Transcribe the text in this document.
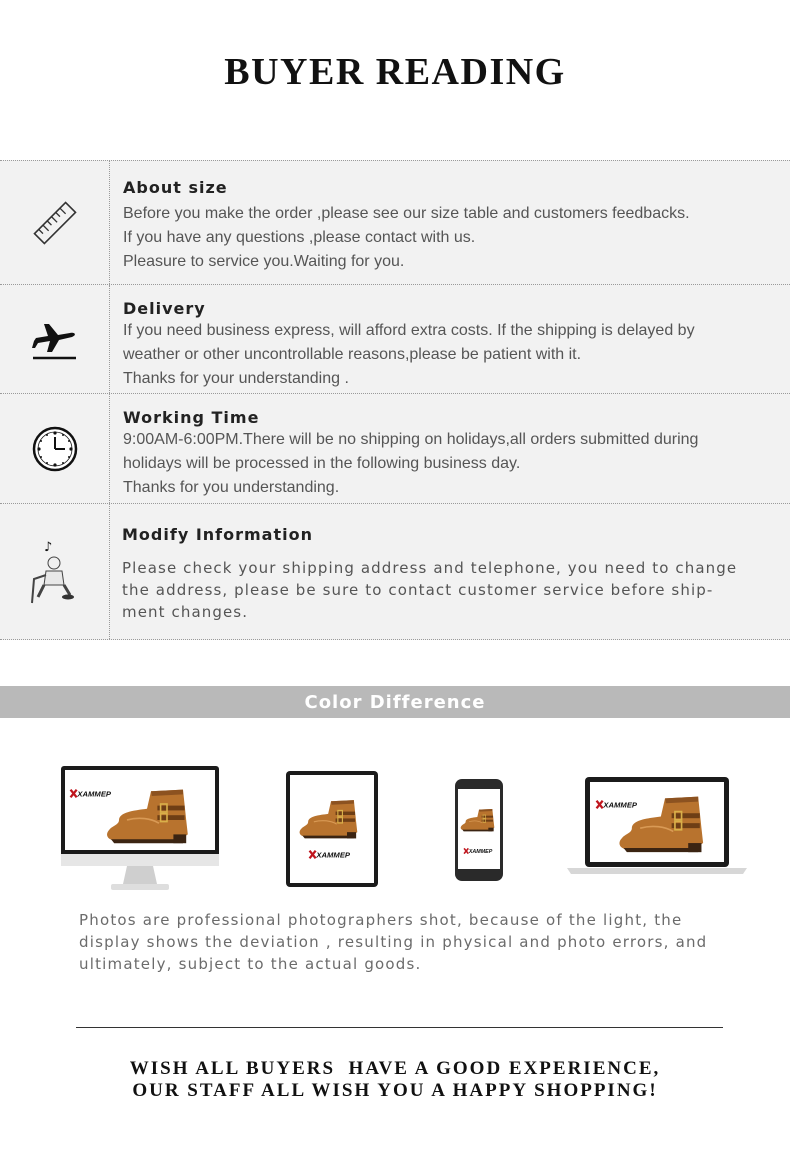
BUYER READING
About size
Before you make the order ,please see our size table and customers feedbacks.
If you have any questions ,please contact with us.
Pleasure to service you.Waiting for you.
Delivery
If you need business express, will afford extra costs. If the shipping is delayed by
weather or other uncontrollable reasons,please be patient with it.
Thanks for your understanding .
Working Time
9:00AM-6:00PM.There will be no shipping on holidays,all orders submitted during
holidays will be processed in the following business day.
Thanks for you understanding.
♪
Modify Information
Please check your shipping address and telephone, you need to change
the address, please be sure to contact customer service before ship-
ment changes.
Color Difference
Photos are professional photographers shot, because of the light, the
display shows the deviation , resulting in physical and photo errors, and
ultimately, subject to the actual goods.
WISH ALL BUYERS  HAVE A GOOD EXPERIENCE,
OUR STAFF ALL WISH YOU A HAPPY SHOPPING!
